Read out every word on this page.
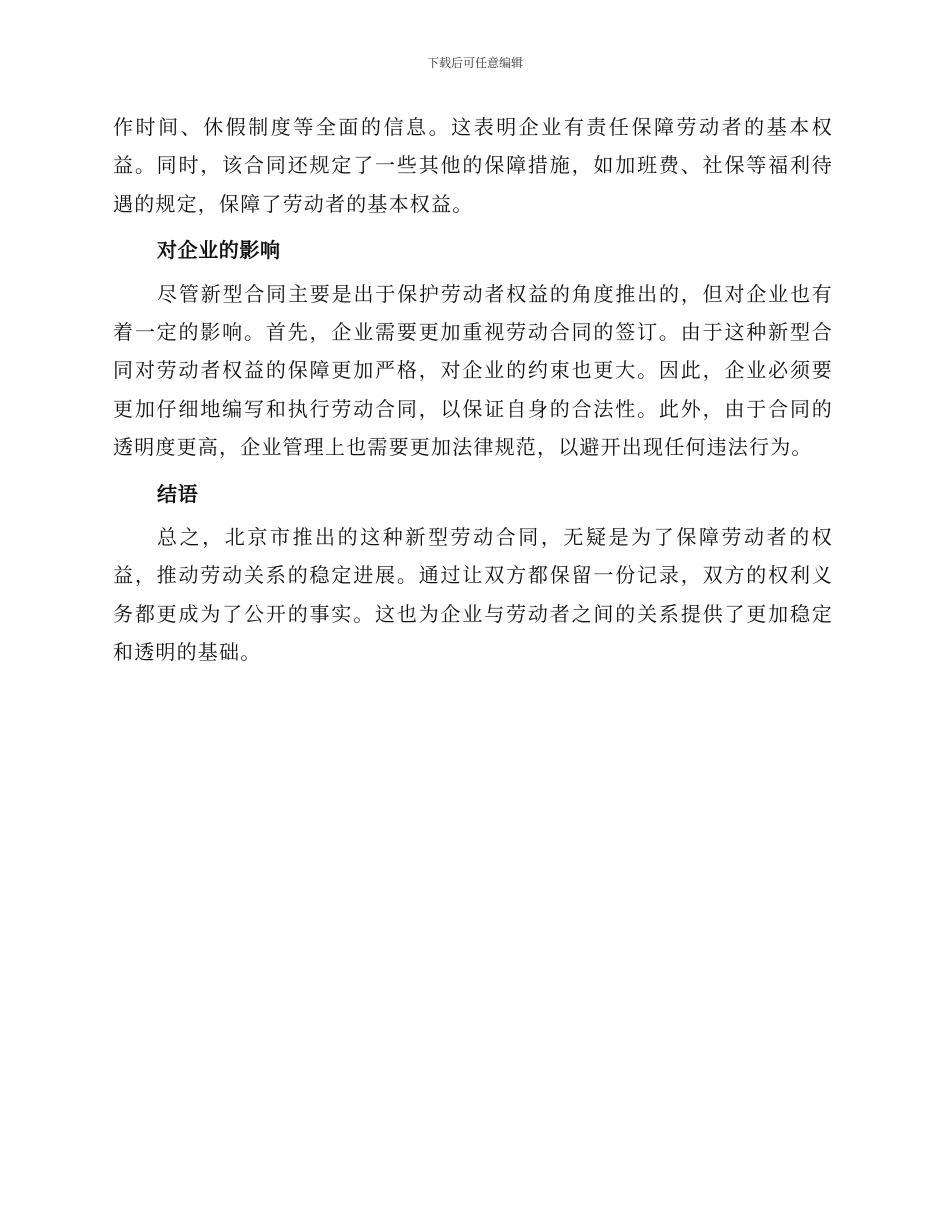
下载后可任意编辑

作时间、休假制度等全面的信息。这表明企业有责任保障劳动者的基本权益。同时，该合同还规定了一些其他的保障措施，如加班费、社保等福利待遇的规定，保障了劳动者的基本权益。

对企业的影响

尽管新型合同主要是出于保护劳动者权益的角度推出的，但对企业也有着一定的影响。首先，企业需要更加重视劳动合同的签订。由于这种新型合同对劳动者权益的保障更加严格，对企业的约束也更大。因此，企业必须要更加仔细地编写和执行劳动合同，以保证自身的合法性。此外，由于合同的透明度更高，企业管理上也需要更加法律规范，以避开出现任何违法行为。

结语

总之，北京市推出的这种新型劳动合同，无疑是为了保障劳动者的权益，推动劳动关系的稳定进展。通过让双方都保留一份记录，双方的权利义务都更成为了公开的事实。这也为企业与劳动者之间的关系提供了更加稳定和透明的基础。
